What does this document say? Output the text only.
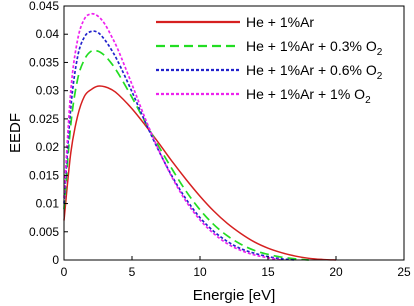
0	5	10	15	20	25
0
0.005
0.01
0.015
0.02
0.025
0.03
0.035
0.04
0.045
Energie [eV]
EEDF
He + 1%Ar
He + 1%Ar + 0.3% $O_2$
He + 1%Ar + 0.6% $O_2$
He + 1%Ar + 1% $O_2$
